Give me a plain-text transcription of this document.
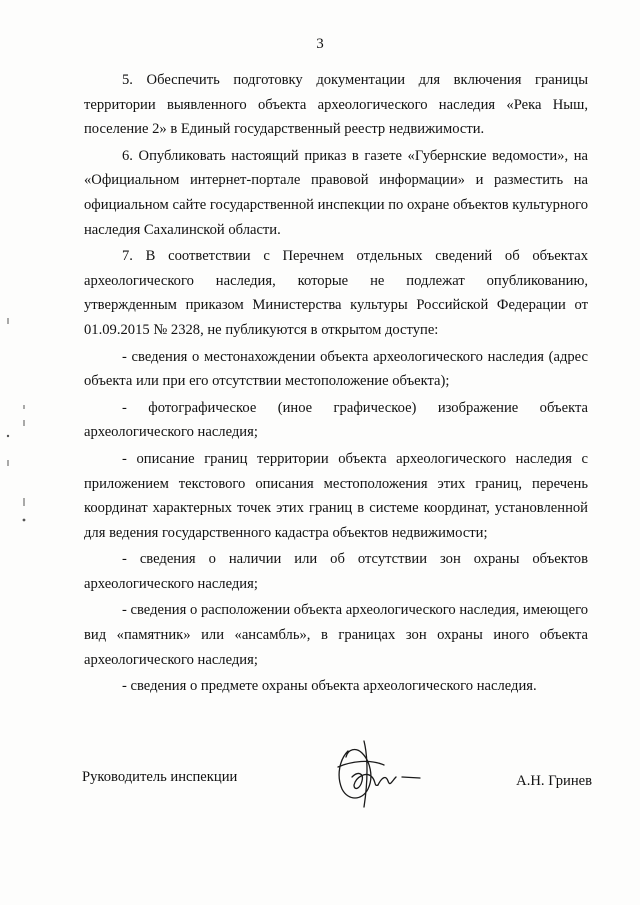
3

5. Обеспечить подготовку документации для включения границы территории выявленного объекта археологического наследия «Река Ныш, поселение 2» в Единый государственный реестр недвижимости.

6. Опубликовать настоящий приказ в газете «Губернские ведомости», на «Официальном интернет-портале правовой информации» и разместить на официальном сайте государственной инспекции по охране объектов культурного наследия Сахалинской области.

7. В соответствии с Перечнем отдельных сведений об объектах археологического наследия, которые не подлежат опубликованию, утвержденным приказом Министерства культуры Российской Федерации от 01.09.2015 № 2328, не публикуются в открытом доступе:

- сведения о местонахождении объекта археологического наследия (адрес объекта или при его отсутствии местоположение объекта);

- фотографическое (иное графическое) изображение объекта археологического наследия;

- описание границ территории объекта археологического наследия с приложением текстового описания местоположения этих границ, перечень координат характерных точек этих границ в системе координат, установленной для ведения государственного кадастра объектов недвижимости;

- сведения о наличии или об отсутствии зон охраны объектов археологического наследия;

- сведения о расположении объекта археологического наследия, имеющего вид «памятник» или «ансамбль», в границах зон охраны иного объекта археологического наследия;

- сведения о предмете охраны объекта археологического наследия.

Руководитель инспекции	А.Н. Гринев
